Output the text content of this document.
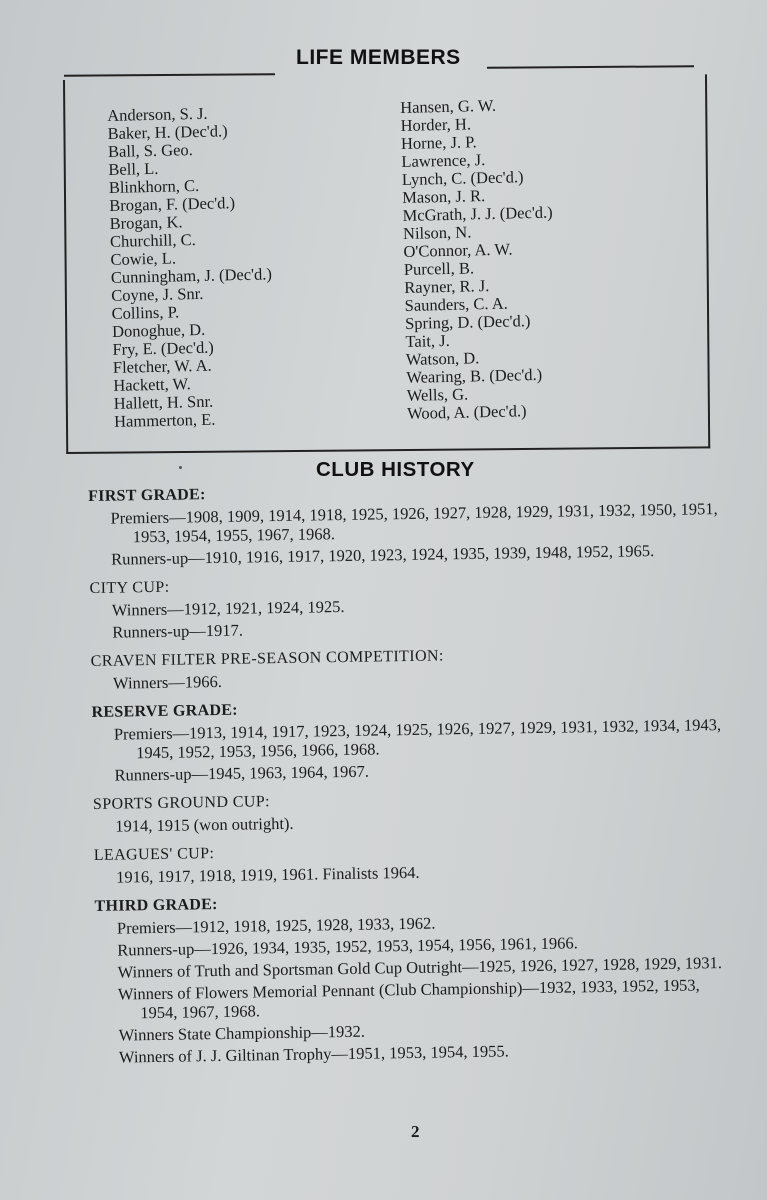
LIFE MEMBERS
Anderson, S. J.
Baker, H. (Dec'd.)
Ball, S. Geo.
Bell, L.
Blinkhorn, C.
Brogan, F. (Dec'd.)
Brogan, K.
Churchill, C.
Cowie, L.
Cunningham, J. (Dec'd.)
Coyne, J. Snr.
Collins, P.
Donoghue, D.
Fry, E. (Dec'd.)
Fletcher, W. A.
Hackett, W.
Hallett, H. Snr.
Hammerton, E.
Hansen, G. W.
Horder, H.
Horne, J. P.
Lawrence, J.
Lynch, C. (Dec'd.)
Mason, J. R.
McGrath, J. J. (Dec'd.)
Nilson, N.
O'Connor, A. W.
Purcell, B.
Rayner, R. J.
Saunders, C. A.
Spring, D. (Dec'd.)
Tait, J.
Watson, D.
Wearing, B. (Dec'd.)
Wells, G.
Wood, A. (Dec'd.)
CLUB HISTORY
FIRST GRADE:
Premiers—1908, 1909, 1914, 1918, 1925, 1926, 1927, 1928, 1929, 1931, 1932, 1950, 1951, 1953, 1954, 1955, 1967, 1968.
Runners-up—1910, 1916, 1917, 1920, 1923, 1924, 1935, 1939, 1948, 1952, 1965.
CITY CUP:
Winners—1912, 1921, 1924, 1925.
Runners-up—1917.
CRAVEN FILTER PRE-SEASON COMPETITION:
Winners—1966.
RESERVE GRADE:
Premiers—1913, 1914, 1917, 1923, 1924, 1925, 1926, 1927, 1929, 1931, 1932, 1934, 1943, 1945, 1952, 1953, 1956, 1966, 1968.
Runners-up—1945, 1963, 1964, 1967.
SPORTS GROUND CUP:
1914, 1915 (won outright).
LEAGUES' CUP:
1916, 1917, 1918, 1919, 1961. Finalists 1964.
THIRD GRADE:
Premiers—1912, 1918, 1925, 1928, 1933, 1962.
Runners-up—1926, 1934, 1935, 1952, 1953, 1954, 1956, 1961, 1966.
Winners of Truth and Sportsman Gold Cup Outright—1925, 1926, 1927, 1928, 1929, 1931.
Winners of Flowers Memorial Pennant (Club Championship)—1932, 1933, 1952, 1953, 1954, 1967, 1968.
Winners State Championship—1932.
Winners of J. J. Giltinan Trophy—1951, 1953, 1954, 1955.
2
